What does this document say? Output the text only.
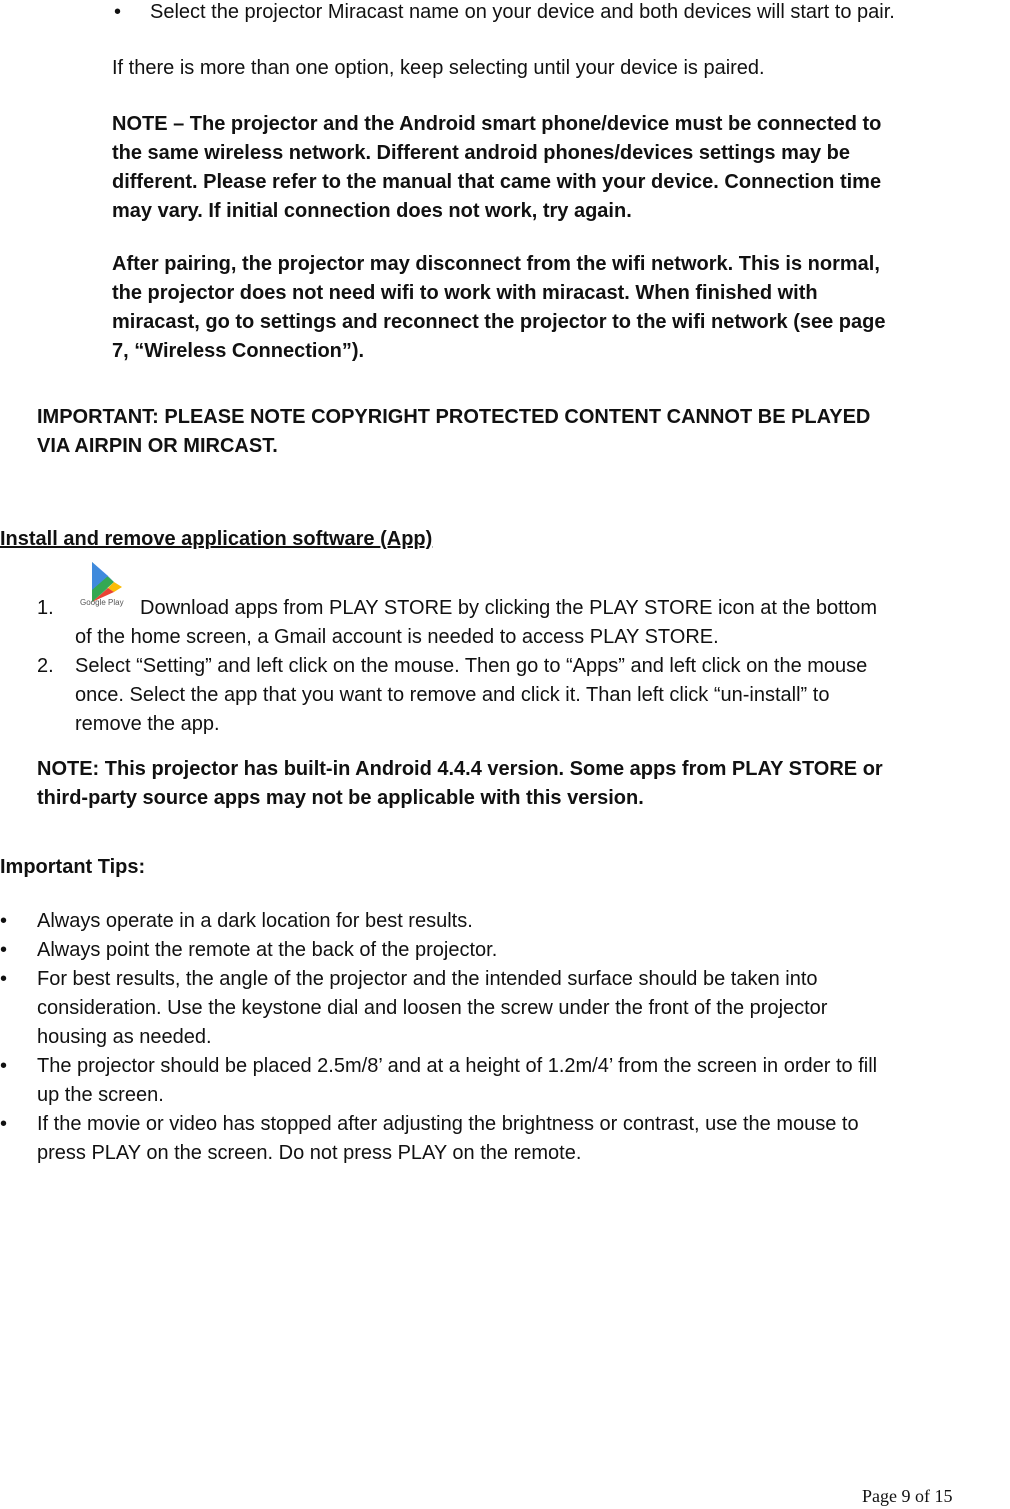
• Select the projector Miracast name on your device and both devices will start to pair.
If there is more than one option, keep selecting until your device is paired.
NOTE – The projector and the Android smart phone/device must be connected to
the same wireless network. Different android phones/devices settings may be
different. Please refer to the manual that came with your device. Connection time
may vary. If initial connection does not work, try again.
After pairing, the projector may disconnect from the wifi network. This is normal,
the projector does not need wifi to work with miracast. When finished with
miracast, go to settings and reconnect the projector to the wifi network (see page
7, “Wireless Connection”).
IMPORTANT: PLEASE NOTE COPYRIGHT PROTECTED CONTENT CANNOT BE PLAYED
VIA AIRPIN OR MIRCAST.
Install and remove application software (App)
1.	Google Play Download apps from PLAY STORE by clicking the PLAY STORE icon at the bottom
of the home screen, a Gmail account is needed to access PLAY STORE.
2. Select “Setting” and left click on the mouse. Then go to “Apps” and left click on the mouse
once. Select the app that you want to remove and click it. Than left click “un-install” to
remove the app.
NOTE: This projector has built-in Android 4.4.4 version. Some apps from PLAY STORE or
third-party source apps may not be applicable with this version.
Important Tips:
• Always operate in a dark location for best results.
• Always point the remote at the back of the projector.
• For best results, the angle of the projector and the intended surface should be taken into
consideration. Use the keystone dial and loosen the screw under the front of the projector
housing as needed.
• The projector should be placed 2.5m/8’ and at a height of 1.2m/4’ from the screen in order to fill
up the screen.
• If the movie or video has stopped after adjusting the brightness or contrast, use the mouse to
press PLAY on the screen. Do not press PLAY on the remote.
Page 9 of 15
